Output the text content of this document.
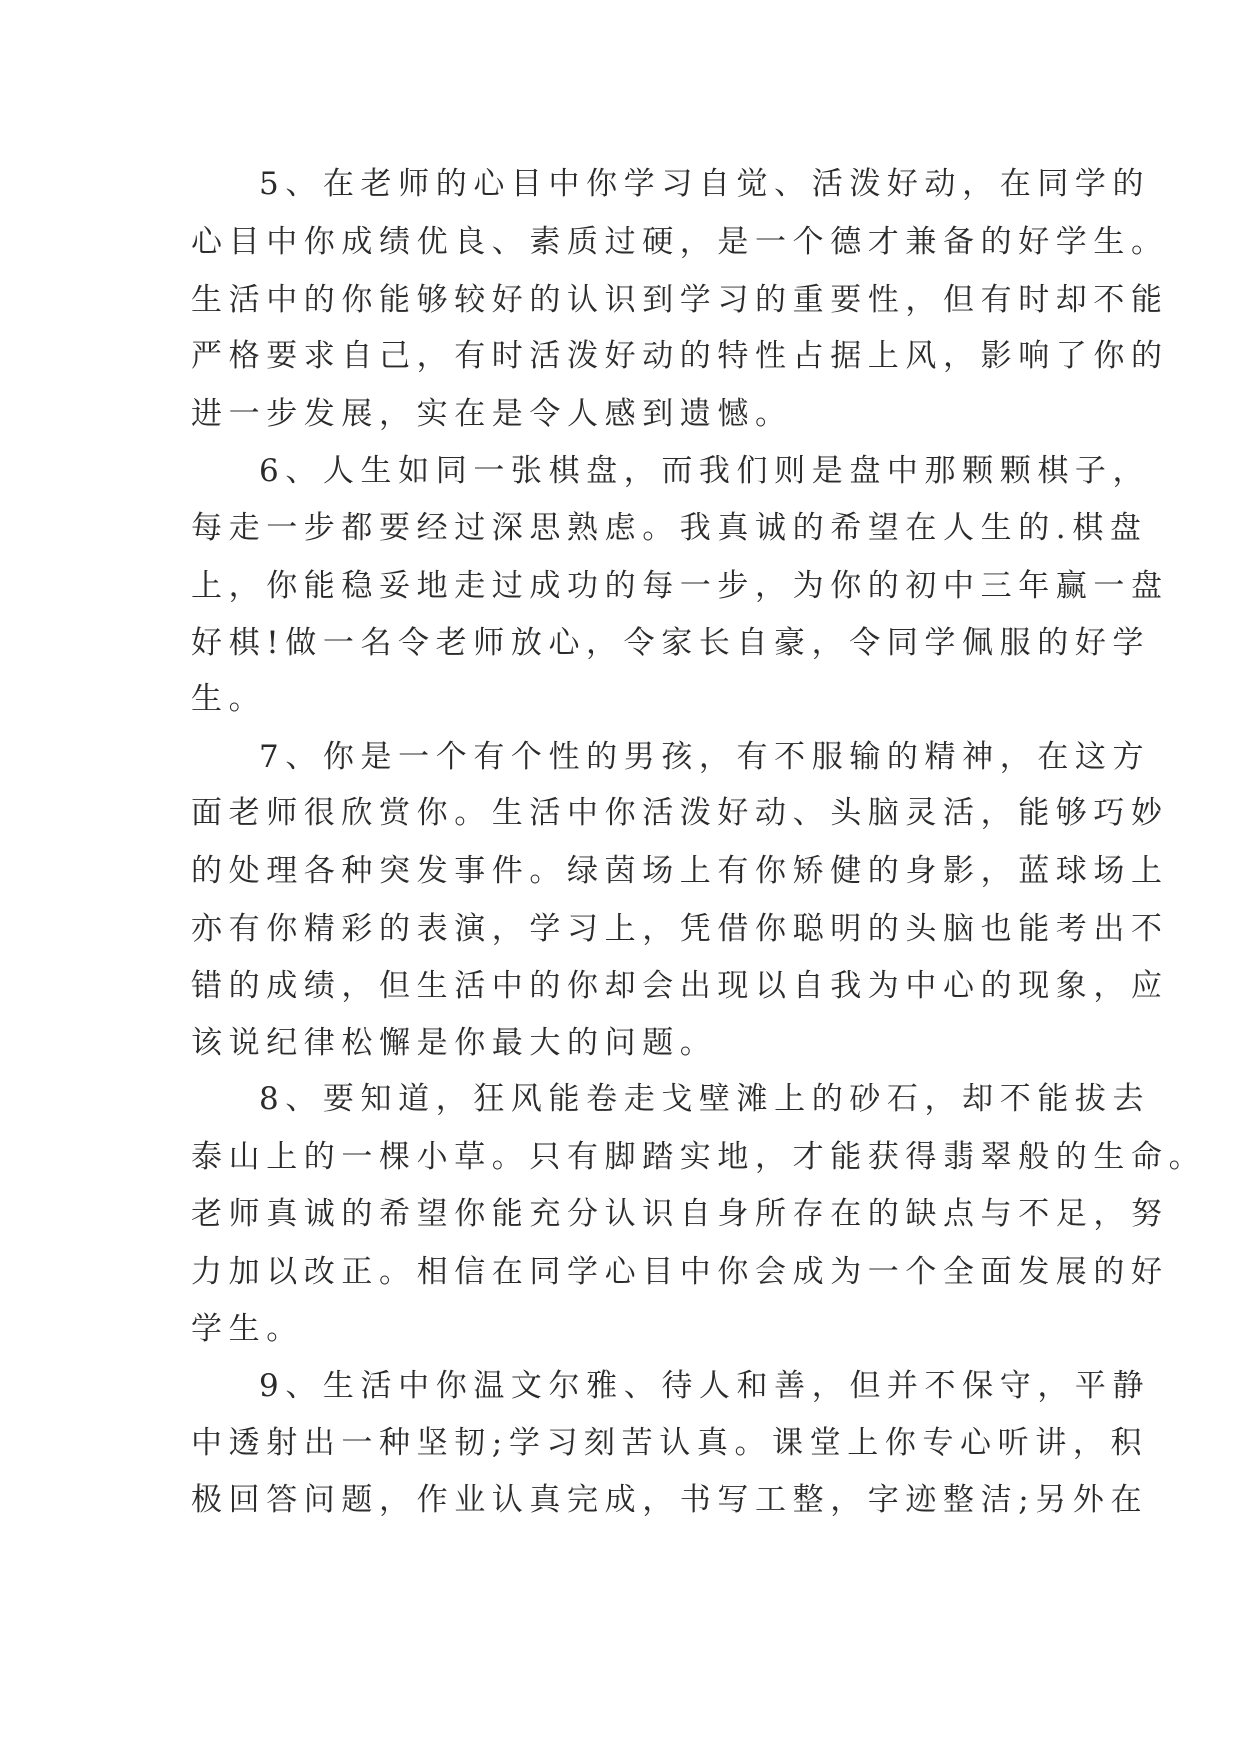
5、在老师的心目中你学习自觉、活泼好动，在同学的
心目中你成绩优良、素质过硬，是一个德才兼备的好学生。
生活中的你能够较好的认识到学习的重要性，但有时却不能
严格要求自己，有时活泼好动的特性占据上风，影响了你的
进一步发展，实在是令人感到遗憾。
6、人生如同一张棋盘，而我们则是盘中那颗颗棋子，
每走一步都要经过深思熟虑。我真诚的希望在人生的.棋盘
上，你能稳妥地走过成功的每一步，为你的初中三年赢一盘
好棋!做一名令老师放心，令家长自豪，令同学佩服的好学
生。
7、你是一个有个性的男孩，有不服输的精神，在这方
面老师很欣赏你。生活中你活泼好动、头脑灵活，能够巧妙
的处理各种突发事件。绿茵场上有你矫健的身影，蓝球场上
亦有你精彩的表演，学习上，凭借你聪明的头脑也能考出不
错的成绩，但生活中的你却会出现以自我为中心的现象，应
该说纪律松懈是你最大的问题。
8、要知道，狂风能卷走戈壁滩上的砂石，却不能拔去
泰山上的一棵小草。只有脚踏实地，才能获得翡翠般的生命。
老师真诚的希望你能充分认识自身所存在的缺点与不足，努
力加以改正。相信在同学心目中你会成为一个全面发展的好
学生。
9、生活中你温文尔雅、待人和善，但并不保守，平静
中透射出一种坚韧;学习刻苦认真。课堂上你专心听讲，积
极回答问题，作业认真完成，书写工整，字迹整洁;另外在
